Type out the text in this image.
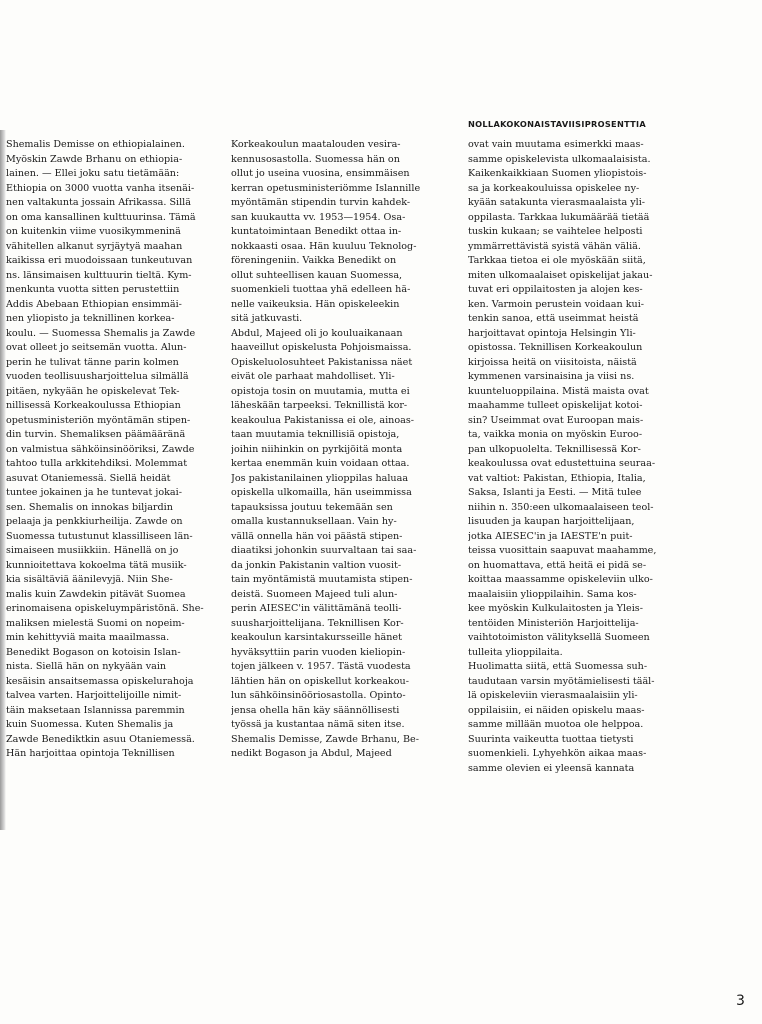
NOLLAKOKONAISTAVIISIPROSENTTIA
Shemalis Demisse on ethiopialainen.
Myöskin Zawde Brhanu on ethiopia-
lainen. — Ellei joku satu tietämään:
Ethiopia on 3000 vuotta vanha itsenäi-
nen valtakunta jossain Afrikassa. Sillä
on oma kansallinen kulttuurinsa. Tämä
on kuitenkin viime vuosikymmeninä
vähitellen alkanut syrjäytyä maahan
kaikissa eri muodoissaan tunkeutuvan
ns. länsimaisen kulttuurin tieltä. Kym-
menkunta vuotta sitten perustettiin
Addis Abebaan Ethiopian ensimmäi-
nen yliopisto ja teknillinen korkea-
koulu. — Suomessa Shemalis ja Zawde
ovat olleet jo seitsemän vuotta. Alun-
perin he tulivat tänne parin kolmen
vuoden teollisuusharjoittelua silmällä
pitäen, nykyään he opiskelevat Tek-
nillisessä Korkeakoulussa Ethiopian
opetusministeriön myöntämän stipen-
din turvin. Shemaliksen päämääränä
on valmistua sähköinsinööriksi, Zawde
tahtoo tulla arkkitehdiksi. Molemmat
asuvat Otaniemessä. Siellä heidät
tuntee jokainen ja he tuntevat jokai-
sen. Shemalis on innokas biljardin
pelaaja ja penkkiurheilija. Zawde on
Suomessa tutustunut klassilliseen län-
simaiseen musiikkiin. Hänellä on jo
kunnioitettava kokoelma tätä musiik-
kia sisältäviä äänilevyjä. Niin She-
malis kuin Zawdekin pitävät Suomea
erinomaisena opiskeluympäristönä. She-
maliksen mielestä Suomi on nopeim-
min kehittyviä maita maailmassa.
Benedikt Bogason on kotoisin Islan-
nista. Siellä hän on nykyään vain
kesäisin ansaitsemassa opiskelurahoja
talvea varten. Harjoittelijoille nimit-
täin maksetaan Islannissa paremmin
kuin Suomessa. Kuten Shemalis ja
Zawde Benediktkin asuu Otaniemessä.
Hän harjoittaa opintoja Teknillisen
Korkeakoulun maatalouden vesira-
kennusosastolla. Suomessa hän on
ollut jo useina vuosina, ensimmäisen
kerran opetusministeriömme Islannille
myöntämän stipendin turvin kahdek-
san kuukautta vv. 1953—1954. Osa-
kuntatoimintaan Benedikt ottaa in-
nokkaasti osaa. Hän kuuluu Teknolog-
föreningeniin. Vaikka Benedikt on
ollut suhteellisen kauan Suomessa,
suomenkieli tuottaa yhä edelleen hä-
nelle vaikeuksia. Hän opiskeleekin
sitä jatkuvasti.
Abdul, Majeed oli jo kouluaikanaan
haaveillut opiskelusta Pohjoismaissa.
Opiskeluolosuhteet Pakistanissa näet
eivät ole parhaat mahdolliset. Yli-
opistoja tosin on muutamia, mutta ei
läheskään tarpeeksi. Teknillistä kor-
keakoulua Pakistanissa ei ole, ainoas-
taan muutamia teknillisiä opistoja,
joihin niihinkin on pyrkijöitä monta
kertaa enemmän kuin voidaan ottaa.
Jos pakistanilainen ylioppilas haluaa
opiskella ulkomailla, hän useimmissa
tapauksissa joutuu tekemään sen
omalla kustannuksellaan. Vain hy-
vällä onnella hän voi päästä stipen-
diaatiksi johonkin suurvaltaan tai saa-
da jonkin Pakistanin valtion vuosit-
tain myöntämistä muutamista stipen-
deistä. Suomeen Majeed tuli alun-
perin AIESEC'in välittämänä teolli-
suusharjoittelijana. Teknillisen Kor-
keakoulun karsintakursseille hänet
hyväksyttiin parin vuoden kieliopin-
tojen jälkeen v. 1957. Tästä vuodesta
lähtien hän on opiskellut korkeakou-
lun sähköinsinööriosastolla. Opinto-
jensa ohella hän käy säännöllisesti
työssä ja kustantaa nämä siten itse.
Shemalis Demisse, Zawde Brhanu, Be-
nedikt Bogason ja Abdul, Majeed
ovat vain muutama esimerkki maas-
samme opiskelevista ulkomaalaisista.
Kaikenkaikkiaan Suomen yliopistois-
sa ja korkeakouluissa opiskelee ny-
kyään satakunta vierasmaalaista yli-
oppilasta. Tarkkaa lukumäärää tietää
tuskin kukaan; se vaihtelee helposti
ymmärrettävistä syistä vähän väliä.
Tarkkaa tietoa ei ole myöskään siitä,
miten ulkomaalaiset opiskelijat jakau-
tuvat eri oppilaitosten ja alojen kes-
ken. Varmoin perustein voidaan kui-
tenkin sanoa, että useimmat heistä
harjoittavat opintoja Helsingin Yli-
opistossa. Teknillisen Korkeakoulun
kirjoissa heitä on viisitoista, näistä
kymmenen varsinaisina ja viisi ns.
kuunteluoppilaina. Mistä maista ovat
maahamme tulleet opiskelijat kotoi-
sin? Useimmat ovat Euroopan mais-
ta, vaikka monia on myöskin Euroo-
pan ulkopuolelta. Teknillisessä Kor-
keakoulussa ovat edustettuina seuraa-
vat valtiot: Pakistan, Ethiopia, Italia,
Saksa, Islanti ja Eesti. — Mitä tulee
niihin n. 350:een ulkomaalaiseen teol-
lisuuden ja kaupan harjoittelijaan,
jotka AIESEC'in ja IAESTE'n puit-
teissa vuosittain saapuvat maahamme,
on huomattava, että heitä ei pidä se-
koittaa maassamme opiskeleviin ulko-
maalaisiin ylioppilaihin. Sama kos-
kee myöskin Kulkulaitosten ja Yleis-
tentöiden Ministeriön Harjoittelija-
vaihtotoimiston välityksellä Suomeen
tulleita ylioppilaita.
Huolimatta siitä, että Suomessa suh-
taudutaan varsin myötämielisesti tääl-
lä opiskeleviin vierasmaalaisiin yli-
oppilaisiin, ei näiden opiskelu maas-
samme millään muotoa ole helppoa.
Suurinta vaikeutta tuottaa tietysti
suomenkieli. Lyhyehkön aikaa maas-
samme olevien ei yleensä kannata
3
